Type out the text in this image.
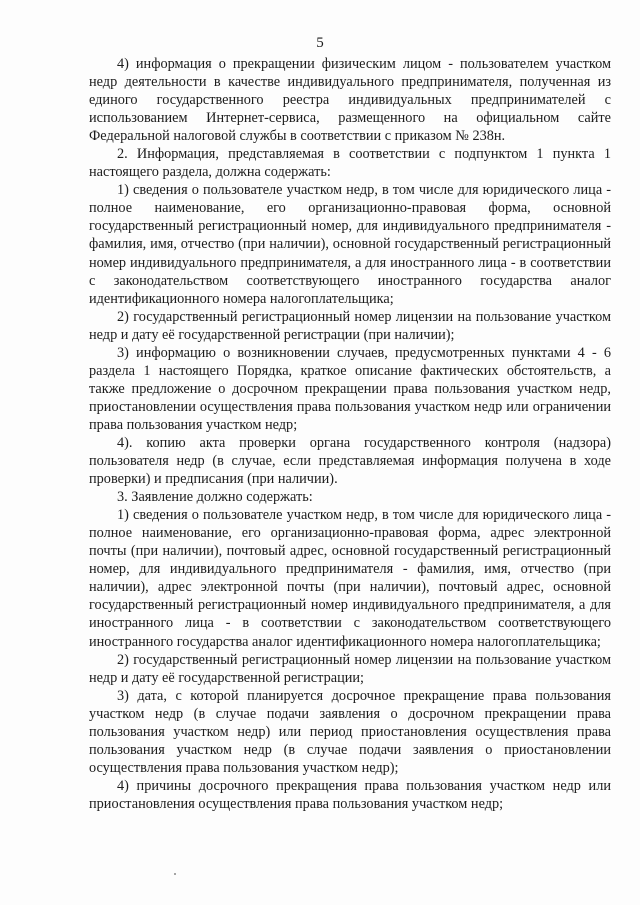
5

4) информация о прекращении физическим лицом - пользователем участком недр деятельности в качестве индивидуального предпринимателя, полученная из единого государственного реестра индивидуальных предпринимателей с использованием Интернет-сервиса, размещенного на официальном сайте Федеральной налоговой службы в соответствии с приказом № 238н.

2. Информация, представляемая в соответствии с подпунктом 1 пункта 1 настоящего раздела, должна содержать:

1) сведения о пользователе участком недр, в том числе для юридического лица - полное наименование, его организационно-правовая форма, основной государственный регистрационный номер, для индивидуального предпринимателя - фамилия, имя, отчество (при наличии), основной государственный регистрационный номер индивидуального предпринимателя, а для иностранного лица - в соответствии с законодательством соответствующего иностранного государства аналог идентификационного номера налогоплательщика;

2) государственный регистрационный номер лицензии на пользование участком недр и дату её государственной регистрации (при наличии);

3) информацию о возникновении случаев, предусмотренных пунктами 4 - 6 раздела 1 настоящего Порядка, краткое описание фактических обстоятельств, а также предложение о досрочном прекращении права пользования участком недр, приостановлении осуществления права пользования участком недр или ограничении права пользования участком недр;

4). копию акта проверки органа государственного контроля (надзора) пользователя недр (в случае, если представляемая информация получена в ходе проверки) и предписания (при наличии).

3. Заявление должно содержать:

1) сведения о пользователе участком недр, в том числе для юридического лица - полное наименование, его организационно-правовая форма, адрес электронной почты (при наличии), почтовый адрес, основной государственный регистрационный номер, для индивидуального предпринимателя - фамилия, имя, отчество (при наличии), адрес электронной почты (при наличии), почтовый адрес, основной государственный регистрационный номер индивидуального предпринимателя, а для иностранного лица - в соответствии с законодательством соответствующего иностранного государства аналог идентификационного номера налогоплательщика;

2) государственный регистрационный номер лицензии на пользование участком недр и дату её государственной регистрации;

3) дата, с которой планируется досрочное прекращение права пользования участком недр (в случае подачи заявления о досрочном прекращении права пользования участком недр) или период приостановления осуществления права пользования участком недр (в случае подачи заявления о приостановлении осуществления права пользования участком недр);

4) причины досрочного прекращения права пользования участком недр или приостановления осуществления права пользования участком недр;
